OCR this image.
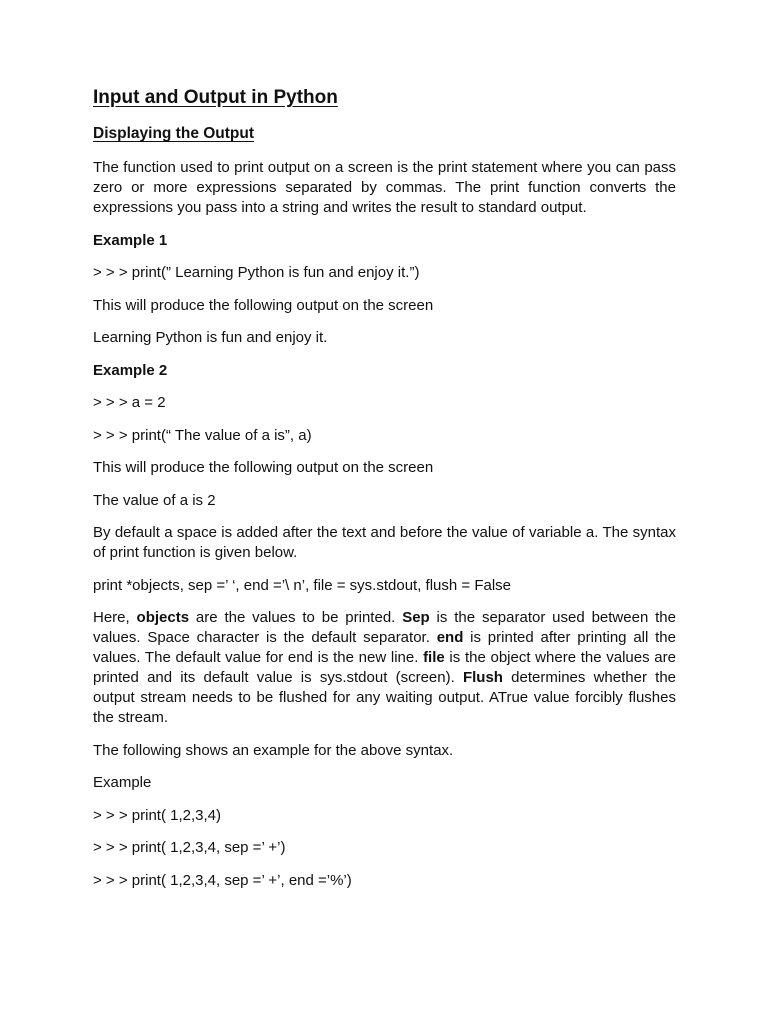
Input and Output in Python
Displaying the Output

The function used to print output on a screen is the print statement where you can pass zero or more expressions separated by commas. The print function converts the expressions you pass into a string and writes the result to standard output.

Example 1

> > > print(” Learning Python is fun and enjoy it.”)

This will produce the following output on the screen

Learning Python is fun and enjoy it.

Example 2

> > > a = 2

> > > print(“ The value of a is”, a)

This will produce the following output on the screen

The value of a is 2

By default a space is added after the text and before the value of variable a. The syntax of print function is given below.

print *objects, sep =’ ‘, end =’\ n’, file = sys.stdout, flush = False

Here, objects are the values to be printed. Sep is the separator used between the values. Space character is the default separator. end is printed after printing all the values. The default value for end is the new line. file is the object where the values are printed and its default value is sys.stdout (screen). Flush determines whether the output stream needs to be flushed for any waiting output. ATrue value forcibly flushes the stream.

The following shows an example for the above syntax.

Example

> > > print( 1,2,3,4)

> > > print( 1,2,3,4, sep =’ +’)

> > > print( 1,2,3,4, sep =’ +’, end =’%’)
